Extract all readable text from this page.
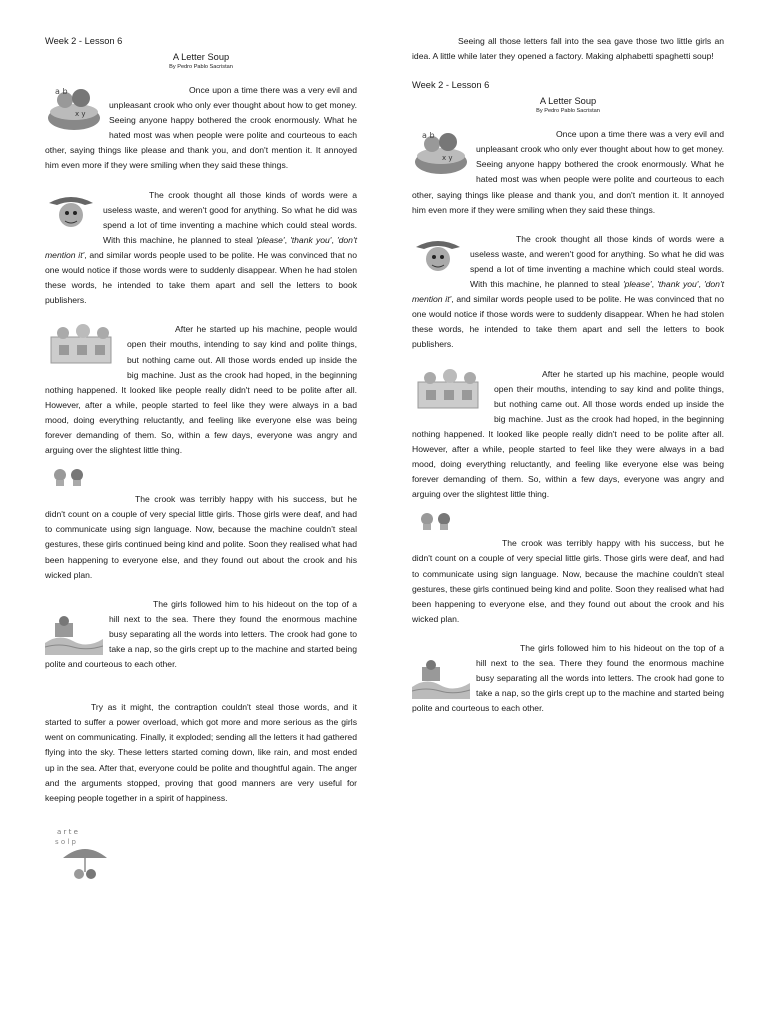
Week 2 - Lesson 6
A Letter Soup
By Pedro Pablo Sacristan

a b
x y
Once upon a time there was a very evil and unpleasant crook who only ever thought about how to get money. Seeing anyone happy bothered the crook enormously. What he hated most was when people were polite and courteous to each other, saying things like please and thank you, and don't mention it. It annoyed him even more if they were smiling when they said these things.

The crook thought all those kinds of words were a useless waste, and weren't good for anything. So what he did was spend a lot of time inventing a machine which could steal words. With this machine, he planned to steal 'please', 'thank you', 'don't mention it', and similar words people used to be polite. He was convinced that no one would notice if those words were to suddenly disappear. When he had stolen these words, he intended to take them apart and sell the letters to book publishers.

After he started up his machine, people would open their mouths, intending to say kind and polite things, but nothing came out. All those words ended up inside the big machine. Just as the crook had hoped, in the beginning nothing happened. It looked like people really didn't need to be polite after all. However, after a while, people started to feel like they were always in a bad mood, doing everything reluctantly, and feeling like everyone else was being forever demanding of them. So, within a few days, everyone was angry and arguing over the slightest little thing.

The crook was terribly happy with his success, but he didn't count on a couple of very special little girls. Those girls were deaf, and had to communicate using sign language. Now, because the machine couldn't steal gestures, these girls continued being kind and polite. Soon they realised what had been happening to everyone else, and they found out about the crook and his wicked plan.

The girls followed him to his hideout on the top of a hill next to the sea. There they found the enormous machine busy separating all the words into letters. The crook had gone to take a nap, so the girls crept up to the machine and started being polite and courteous to each other.

Try as it might, the contraption couldn't steal those words, and it started to suffer a power overload, which got more and more serious as the girls went on communicating. Finally, it exploded; sending all the letters it had gathered flying into the sky. These letters started coming down, like rain, and most ended up in the sea. After that, everyone could be polite and thoughtful again. The anger and the arguments stopped, proving that good manners are very useful for keeping people together in a spirit of happiness.

a r t e
s o l p

Seeing all those letters fall into the sea gave those two little girls an idea. A little while later they opened a factory. Making alphabetti spaghetti soup!

Week 2 - Lesson 6
A Letter Soup
By Pedro Pablo Sacristan

a b
x y
Once upon a time there was a very evil and unpleasant crook who only ever thought about how to get money. Seeing anyone happy bothered the crook enormously. What he hated most was when people were polite and courteous to each other, saying things like please and thank you, and don't mention it. It annoyed him even more if they were smiling when they said these things.

The crook thought all those kinds of words were a useless waste, and weren't good for anything. So what he did was spend a lot of time inventing a machine which could steal words. With this machine, he planned to steal 'please', 'thank you', 'don't mention it', and similar words people used to be polite. He was convinced that no one would notice if those words were to suddenly disappear. When he had stolen these words, he intended to take them apart and sell the letters to book publishers.

After he started up his machine, people would open their mouths, intending to say kind and polite things, but nothing came out. All those words ended up inside the big machine. Just as the crook had hoped, in the beginning nothing happened. It looked like people really didn't need to be polite after all. However, after a while, people started to feel like they were always in a bad mood, doing everything reluctantly, and feeling like everyone else was being forever demanding of them. So, within a few days, everyone was angry and arguing over the slightest little thing.

The crook was terribly happy with his success, but he didn't count on a couple of very special little girls. Those girls were deaf, and had to communicate using sign language. Now, because the machine couldn't steal gestures, these girls continued being kind and polite. Soon they realised what had been happening to everyone else, and they found out about the crook and his wicked plan.

The girls followed him to his hideout on the top of a hill next to the sea. There they found the enormous machine busy separating all the words into letters. The crook had gone to take a nap, so the girls crept up to the machine and started being polite and courteous to each other.
